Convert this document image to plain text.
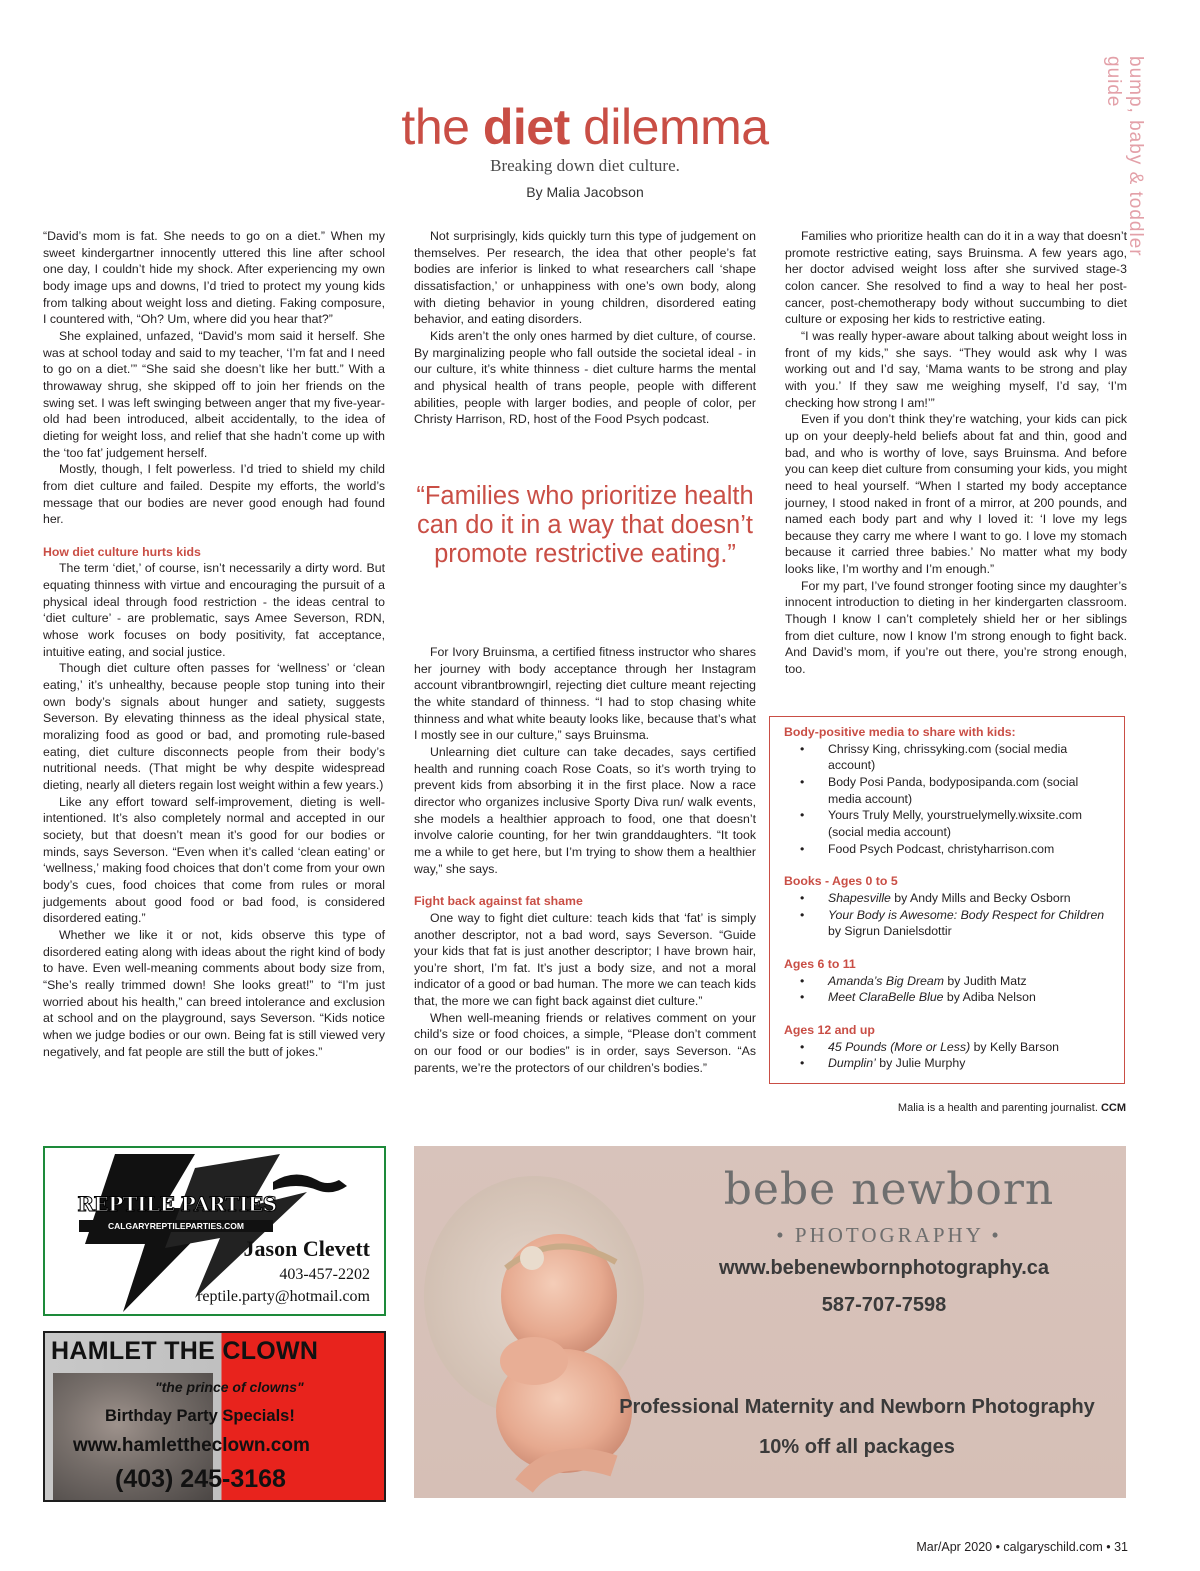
bump, baby & toddler guide
the diet dilemma
Breaking down diet culture.
By Malia Jacobson

“David’s mom is fat. She needs to go on a diet.” When my sweet kindergartner innocently uttered this line after school one day, I couldn’t hide my shock. After experiencing my own body image ups and downs, I’d tried to protect my young kids from talking about weight loss and dieting. Faking composure, I countered with, “Oh? Um, where did you hear that?”

She explained, unfazed, “David’s mom said it herself. She was at school today and said to my teacher, ‘I’m fat and I need to go on a diet.’” “She said she doesn’t like her butt.” With a throwaway shrug, she skipped off to join her friends on the swing set. I was left swinging between anger that my five-year-old had been introduced, albeit accidentally, to the idea of dieting for weight loss, and relief that she hadn’t come up with the ‘too fat’ judgement herself.

Mostly, though, I felt powerless. I’d tried to shield my child from diet culture and failed. Despite my efforts, the world’s message that our bodies are never good enough had found her.

How diet culture hurts kids

The term ‘diet,’ of course, isn’t necessarily a dirty word. But equating thinness with virtue and encouraging the pursuit of a physical ideal through food restriction - the ideas central to ‘diet culture’ - are problematic, says Amee Severson, RDN, whose work focuses on body positivity, fat acceptance, intuitive eating, and social justice.

Though diet culture often passes for ‘wellness’ or ‘clean eating,’ it’s unhealthy, because people stop tuning into their own body’s signals about hunger and satiety, suggests Severson. By elevating thinness as the ideal physical state, moralizing food as good or bad, and promoting rule-based eating, diet culture disconnects people from their body’s nutritional needs. (That might be why despite widespread dieting, nearly all dieters regain lost weight within a few years.)

Like any effort toward self-improvement, dieting is well-intentioned. It’s also completely normal and accepted in our society, but that doesn’t mean it’s good for our bodies or minds, says Severson. “Even when it’s called ‘clean eating’ or ‘wellness,’ making food choices that don’t come from your own body’s cues, food choices that come from rules or moral judgements about good food or bad food, is considered disordered eating.”

Whether we like it or not, kids observe this type of disordered eating along with ideas about the right kind of body to have. Even well-meaning comments about body size from, “She’s really trimmed down! She looks great!” to “I’m just worried about his health,” can breed intolerance and exclusion at school and on the playground, says Severson. “Kids notice when we judge bodies or our own. Being fat is still viewed very negatively, and fat people are still the butt of jokes.”

Not surprisingly, kids quickly turn this type of judgement on themselves. Per research, the idea that other people’s fat bodies are inferior is linked to what researchers call ‘shape dissatisfaction,’ or unhappiness with one’s own body, along with dieting behavior in young children, disordered eating behavior, and eating disorders.

Kids aren’t the only ones harmed by diet culture, of course. By marginalizing people who fall outside the societal ideal - in our culture, it’s white thinness - diet culture harms the mental and physical health of trans people, people with different abilities, people with larger bodies, and people of color, per Christy Harrison, RD, host of the Food Psych podcast.

“Families who prioritize health can do it in a way that doesn’t promote restrictive eating.”

For Ivory Bruinsma, a certified fitness instructor who shares her journey with body acceptance through her Instagram account vibrantbrowngirl, rejecting diet culture meant rejecting the white standard of thinness. “I had to stop chasing white thinness and what white beauty looks like, because that’s what I mostly see in our culture,” says Bruinsma.

Unlearning diet culture can take decades, says certified health and running coach Rose Coats, so it’s worth trying to prevent kids from absorbing it in the first place. Now a race director who organizes inclusive Sporty Diva run/ walk events, she models a healthier approach to food, one that doesn’t involve calorie counting, for her twin granddaughters. “It took me a while to get here, but I’m trying to show them a healthier way,” she says.

Fight back against fat shame

One way to fight diet culture: teach kids that ‘fat’ is simply another descriptor, not a bad word, says Severson. “Guide your kids that fat is just another descriptor; I have brown hair, you’re short, I’m fat. It’s just a body size, and not a moral indicator of a good or bad human. The more we can teach kids that, the more we can fight back against diet culture.”

When well-meaning friends or relatives comment on your child’s size or food choices, a simple, “Please don’t comment on our food or our bodies” is in order, says Severson. “As parents, we’re the protectors of our children’s bodies.”

Families who prioritize health can do it in a way that doesn’t promote restrictive eating, says Bruinsma. A few years ago, her doctor advised weight loss after she survived stage-3 colon cancer. She resolved to find a way to heal her post-cancer, post-chemotherapy body without succumbing to diet culture or exposing her kids to restrictive eating.

“I was really hyper-aware about talking about weight loss in front of my kids,” she says. “They would ask why I was working out and I’d say, ‘Mama wants to be strong and play with you.’ If they saw me weighing myself, I’d say, ‘I’m checking how strong I am!’”

Even if you don’t think they’re watching, your kids can pick up on your deeply-held beliefs about fat and thin, good and bad, and who is worthy of love, says Bruinsma. And before you can keep diet culture from consuming your kids, you might need to heal yourself. “When I started my body acceptance journey, I stood naked in front of a mirror, at 200 pounds, and named each body part and why I loved it: ‘I love my legs because they carry me where I want to go. I love my stomach because it carried three babies.’ No matter what my body looks like, I’m worthy and I’m enough.”

For my part, I’ve found stronger footing since my daughter’s innocent introduction to dieting in her kindergarten classroom. Though I know I can’t completely shield her or her siblings from diet culture, now I know I’m strong enough to fight back. And David’s mom, if you’re out there, you’re strong enough, too.

Body-positive media to share with kids:
• Chrissy King, chrissyking.com (social media account)
• Body Posi Panda, bodyposipanda.com (social media account)
• Yours Truly Melly, yourstruelymelly.wixsite.com (social media account)
• Food Psych Podcast, christyharrison.com
Books - Ages 0 to 5
• Shapesville by Andy Mills and Becky Osborn
• Your Body is Awesome: Body Respect for Children by Sigrun Danielsdottir
Ages 6 to 11
• Amanda’s Big Dream by Judith Matz
• Meet ClaraBelle Blue by Adiba Nelson
Ages 12 and up
• 45 Pounds (More or Less) by Kelly Barson
• Dumplin’ by Julie Murphy
Malia is a health and parenting journalist. CCM
REPTILE PARTIES
CALGARYREPTILEPARTIES.COM
Jason Clevett
403-457-2202
reptile.party@hotmail.com
HAMLET THE CLOWN
"the prince of clowns"
Birthday Party Specials!
www.hamlettheclown.com
(403) 245-3168
bebe newborn
• PHOTOGRAPHY •
www.bebenewbornphotography.ca
587-707-7598
Professional Maternity and Newborn Photography
10% off all packages
Mar/Apr 2020 • calgaryschild.com • 31
